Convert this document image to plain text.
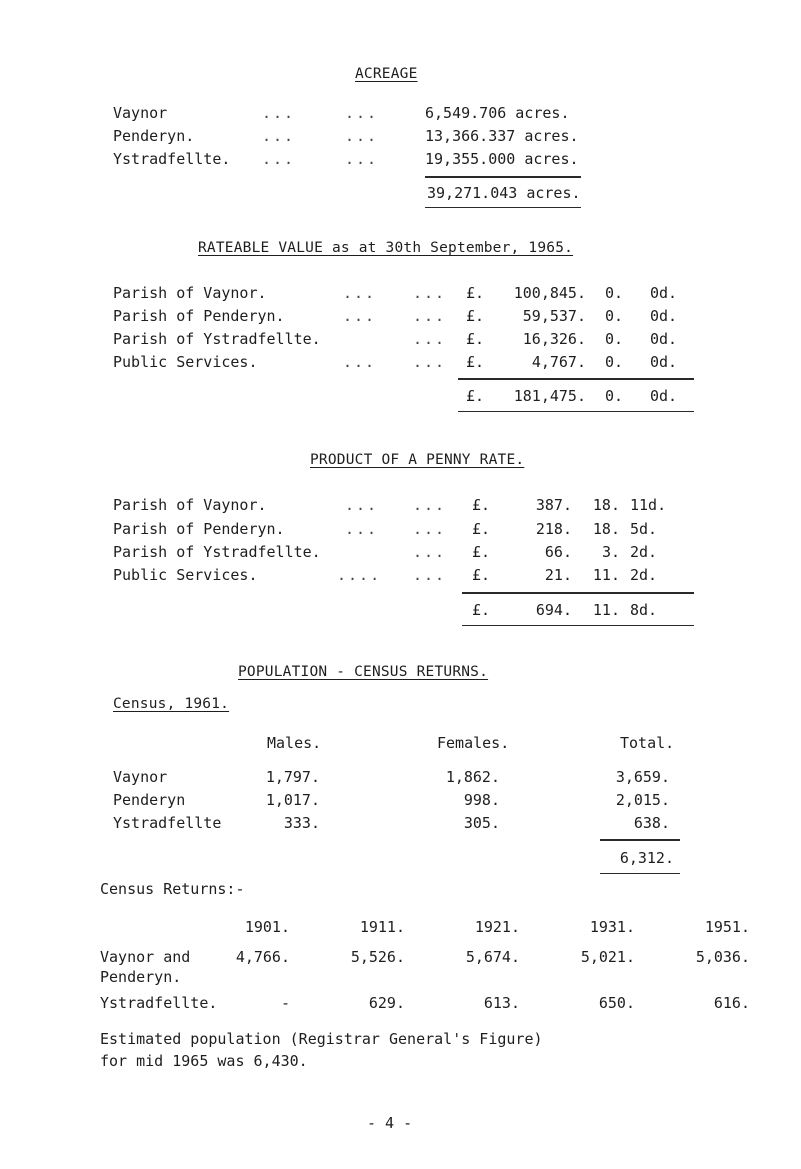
ACREAGE
Vaynor	...	...	6,549.706 acres.
Penderyn.	...	...	13,366.337 acres.
Ystradfellte. ...	...	19,355.000 acres.
39,271.043 acres.
RATEABLE VALUE as at 30th September, 1965.
Parish of Vaynor.	... ... £.	100,845. 0. 0d.
Parish of Penderyn.	... ... £.	59,537. 0. 0d.
Parish of Ystradfellte.	... £.	16,326. 0. 0d.
Public Services.	... ... £.	4,767. 0. 0d.
£.	181,475. 0. 0d.
PRODUCT OF A PENNY RATE.
Parish of Vaynor.	... ... £.	387.	18. 11d.
Parish of Penderyn.	... ... £.	218.	18. 5d.
Parish of Ystradfellte.	... £.	66.	3. 2d.
Public Services.	.... ... £.	21.	11. 2d.
£.	694.	11. 8d.
POPULATION - CENSUS RETURNS.
Census, 1961.
Males.	Females.	Total.
Vaynor	1,797.	1,862.	3,659.
Penderyn	1,017.	998.	2,015.
Ystradfellte	333.	305.	638.
6,312.
Census Returns:-
1901.	1911.	1921.	1931.	1951.
Vaynor and
Penderyn.
4,766.	5,526.	5,674.	5,021.	5,036.
Ystradfellte.	-	629.	613.	650.	616.
Estimated population (Registrar General's Figure)
for mid 1965 was 6,430.
- 4 -
